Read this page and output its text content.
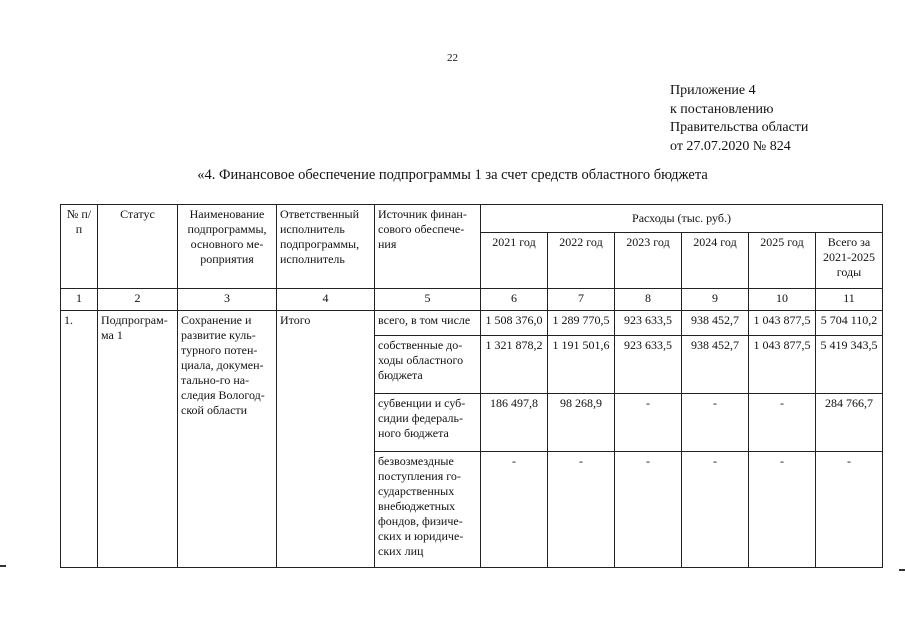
22
Приложение 4
к постановлению
Правительства области
от 27.07.2020 № 824
«4. Финансовое обеспечение подпрограммы 1 за счет средств областного бюджета
№ п/п	Статус	Наименование подпрограммы, основного ме- роприятия	Ответственный исполнитель подпрограммы, исполнитель	Источник финан- сового обеспече- ния	Расходы (тыс. руб.)					
					2021 год	2022 год	2023 год	2024 год	2025 год	Всего за 2021-2025 годы
1	2	3	4	5	6	7	8	9	10	11
1.	Подпрограм- ма 1	Сохранение и развитие куль- турного потен- циала, докумен- тально-го на- следия Вологод- ской области	Итого	всего, в том числе	1 508 376,0	1 289 770,5	923 633,5	938 452,7	1 043 877,5	5 704 110,2
				собственные до- ходы областного бюджета	1 321 878,2	1 191 501,6	923 633,5	938 452,7	1 043 877,5	5 419 343,5
				субвенции и суб- сидии федераль- ного бюджета	186 497,8	98 268,9	-	-	-	284 766,7
				безвозмездные поступления го- сударственных внебюджетных фондов, физиче- ских и юридиче- ских лиц	-	-	-	-	-	-
